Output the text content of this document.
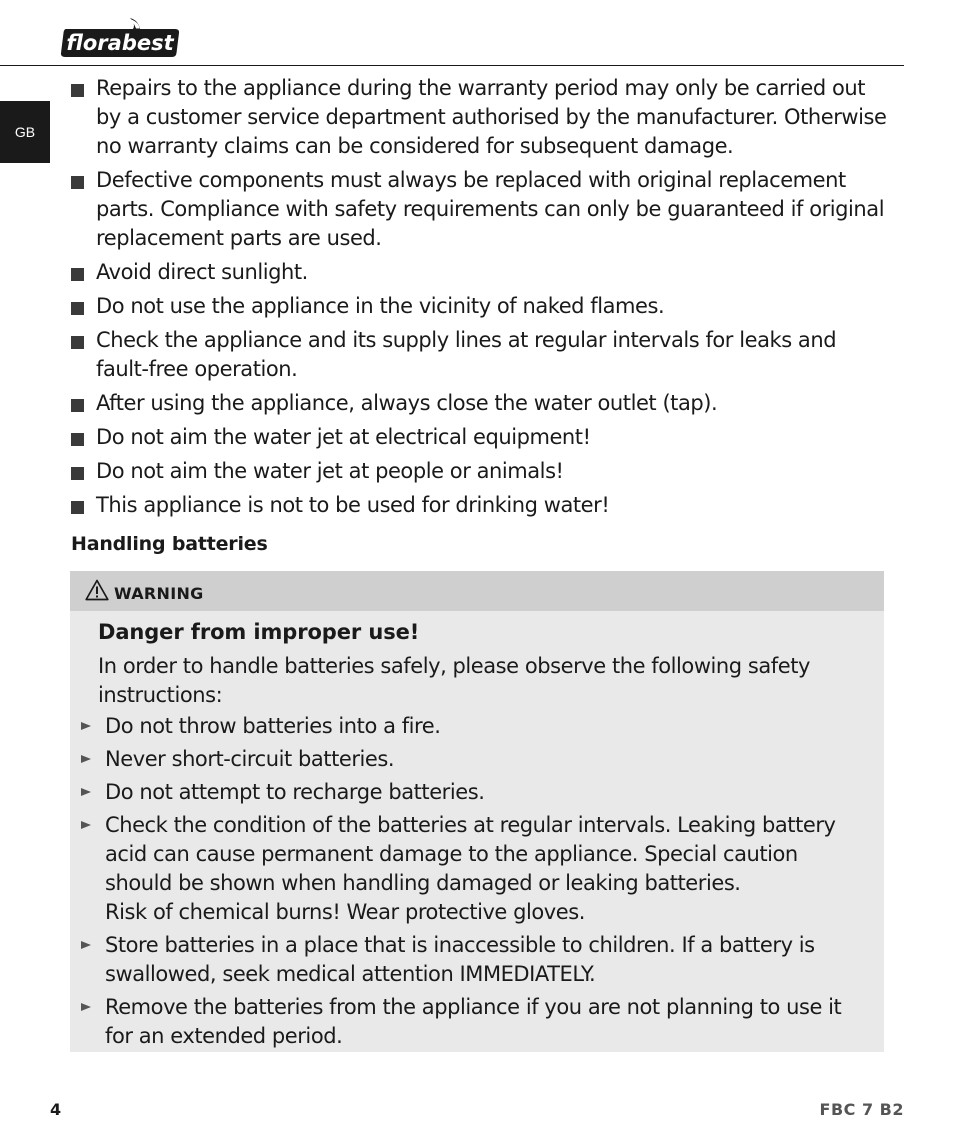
florabest
GB
Repairs to the appliance during the warranty period may only be carried out by a customer service department authorised by the manufacturer. Otherwise no warranty claims can be considered for subsequent damage.
Defective components must always be replaced with original replacement parts. Compliance with safety requirements can only be guaranteed if original replacement parts are used.
Avoid direct sunlight.
Do not use the appliance in the vicinity of naked flames.
Check the appliance and its supply lines at regular intervals for leaks and fault-free operation.
After using the appliance, always close the water outlet (tap).
Do not aim the water jet at electrical equipment!
Do not aim the water jet at people or animals!
This appliance is not to be used for drinking water!
Handling batteries
WARNING
Danger from improper use!
In order to handle batteries safely, please observe the following safety instructions:
Do not throw batteries into a fire.
Never short-circuit batteries.
Do not attempt to recharge batteries.
Check the condition of the batteries at regular intervals. Leaking battery acid can cause permanent damage to the appliance. Special caution should be shown when handling damaged or leaking batteries.
Risk of chemical burns! Wear protective gloves.
Store batteries in a place that is inaccessible to children. If a battery is swallowed, seek medical attention IMMEDIATELY.
Remove the batteries from the appliance if you are not planning to use it for an extended period.
4	FBC 7 B2
